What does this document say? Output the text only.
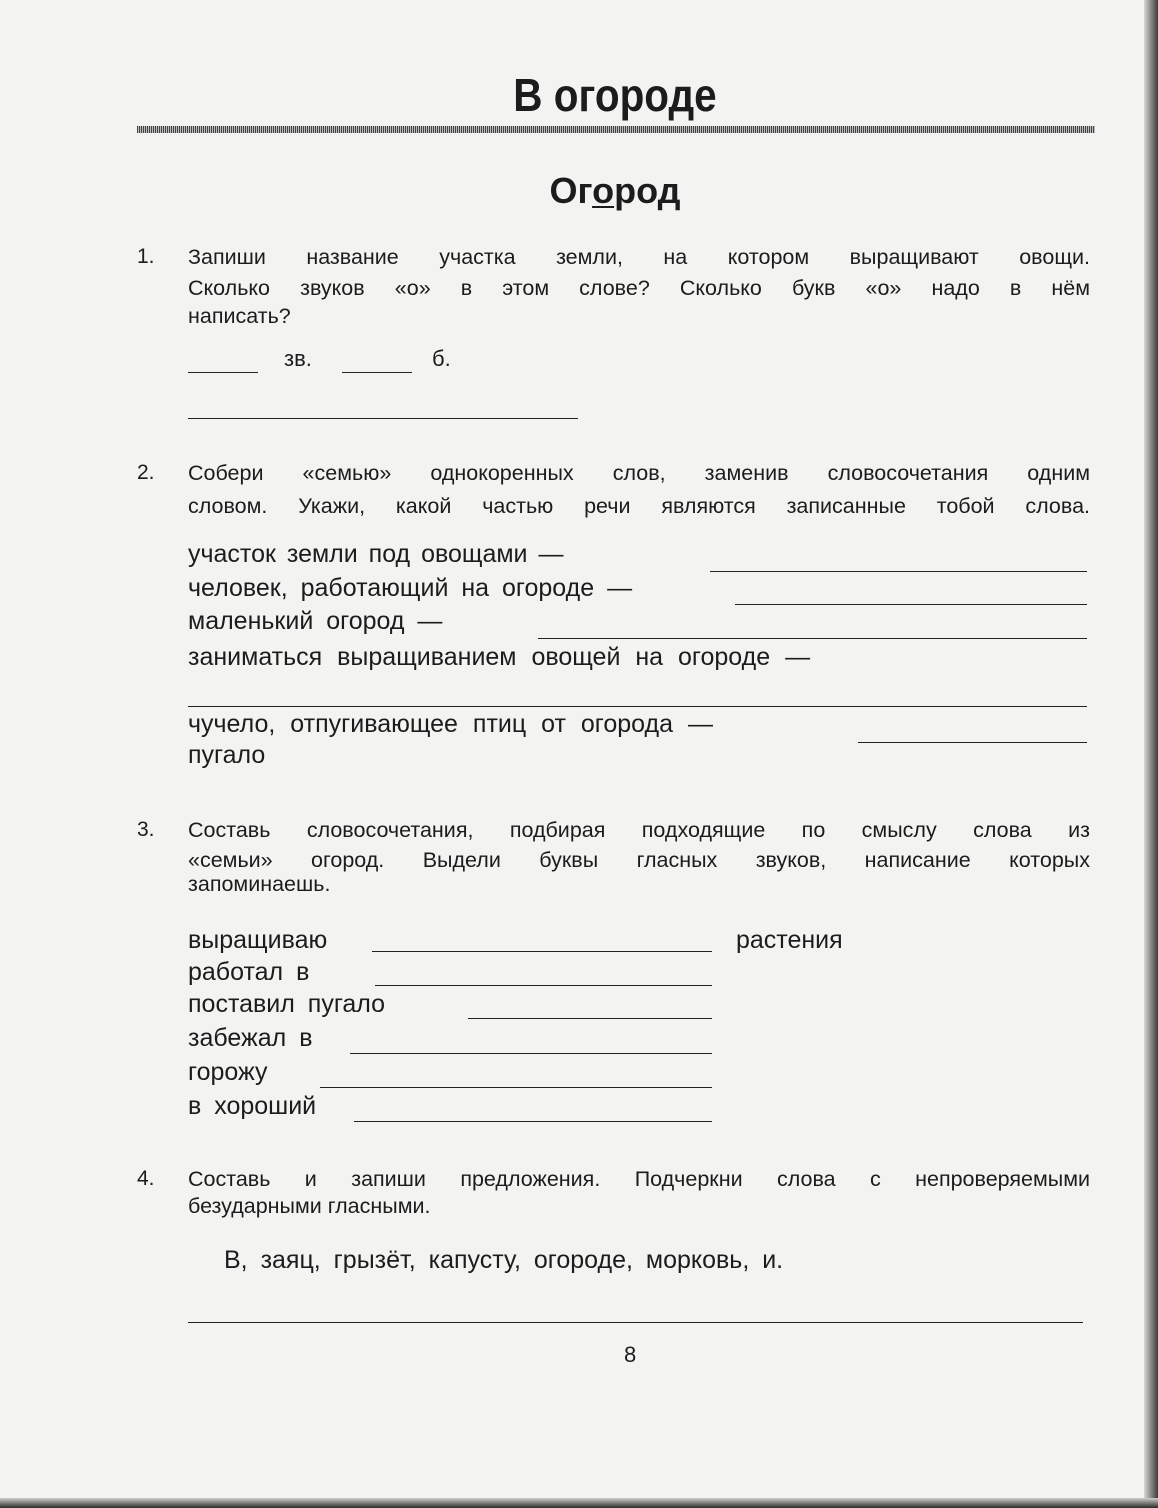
В огороде
Огород
1. Запиши название участка земли, на котором выращивают овощи.
Сколько звуков «о» в этом слове? Сколько букв «о» надо в нём
написать?
зв.	б.
2. Собери «семью» однокоренных слов, заменив словосочетания одним
словом. Укажи, какой частью речи являются записанные тобой слова.
участок земли под овощами —
человек, работающий на огороде —
маленький огород —
заниматься выращиванием овощей на огороде —
чучело, отпугивающее птиц от огорода —
пугало
3. Составь словосочетания, подбирая подходящие по смыслу слова из
«семьи» огород. Выдели буквы гласных звуков, написание которых
запоминаешь.
выращиваю	растения
работал в
поставил пугало
забежал в
горожу
в хороший
4. Составь и запиши предложения. Подчеркни слова с непроверяемыми
безударными гласными.
В, заяц, грызёт, капусту, огороде, морковь, и.
8
